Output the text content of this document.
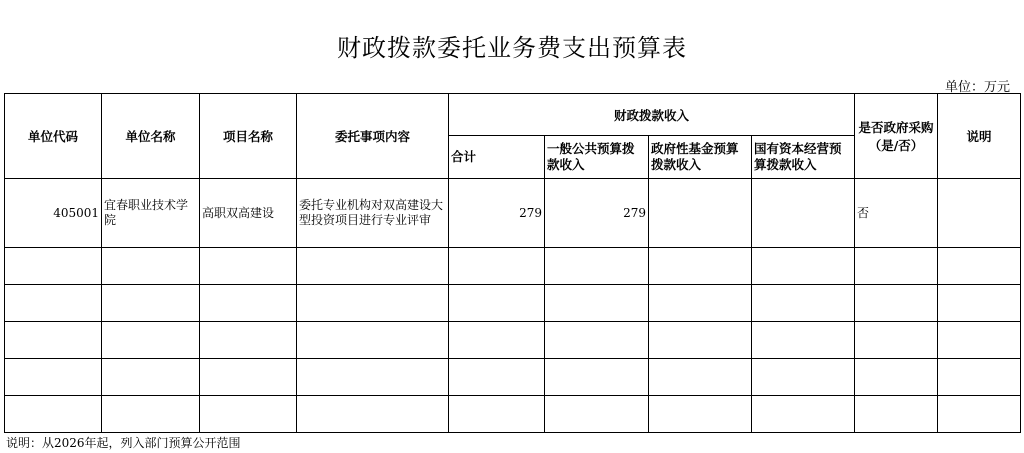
财政拨款委托业务费支出预算表
单位：万元
单位代码	单位名称	项目名称	委托事项内容	财政拨款收入				是否政府采购（是/否）	说明
				合计	一般公共预算拨款收入	政府性基金预算拨款收入	国有资本经营预算拨款收入		
405001	宜春职业技术学院	高职双高建设	委托专业机构对双高建设大型投资项目进行专业评审	279	279			否	

说明：从2026年起，列入部门预算公开范围
